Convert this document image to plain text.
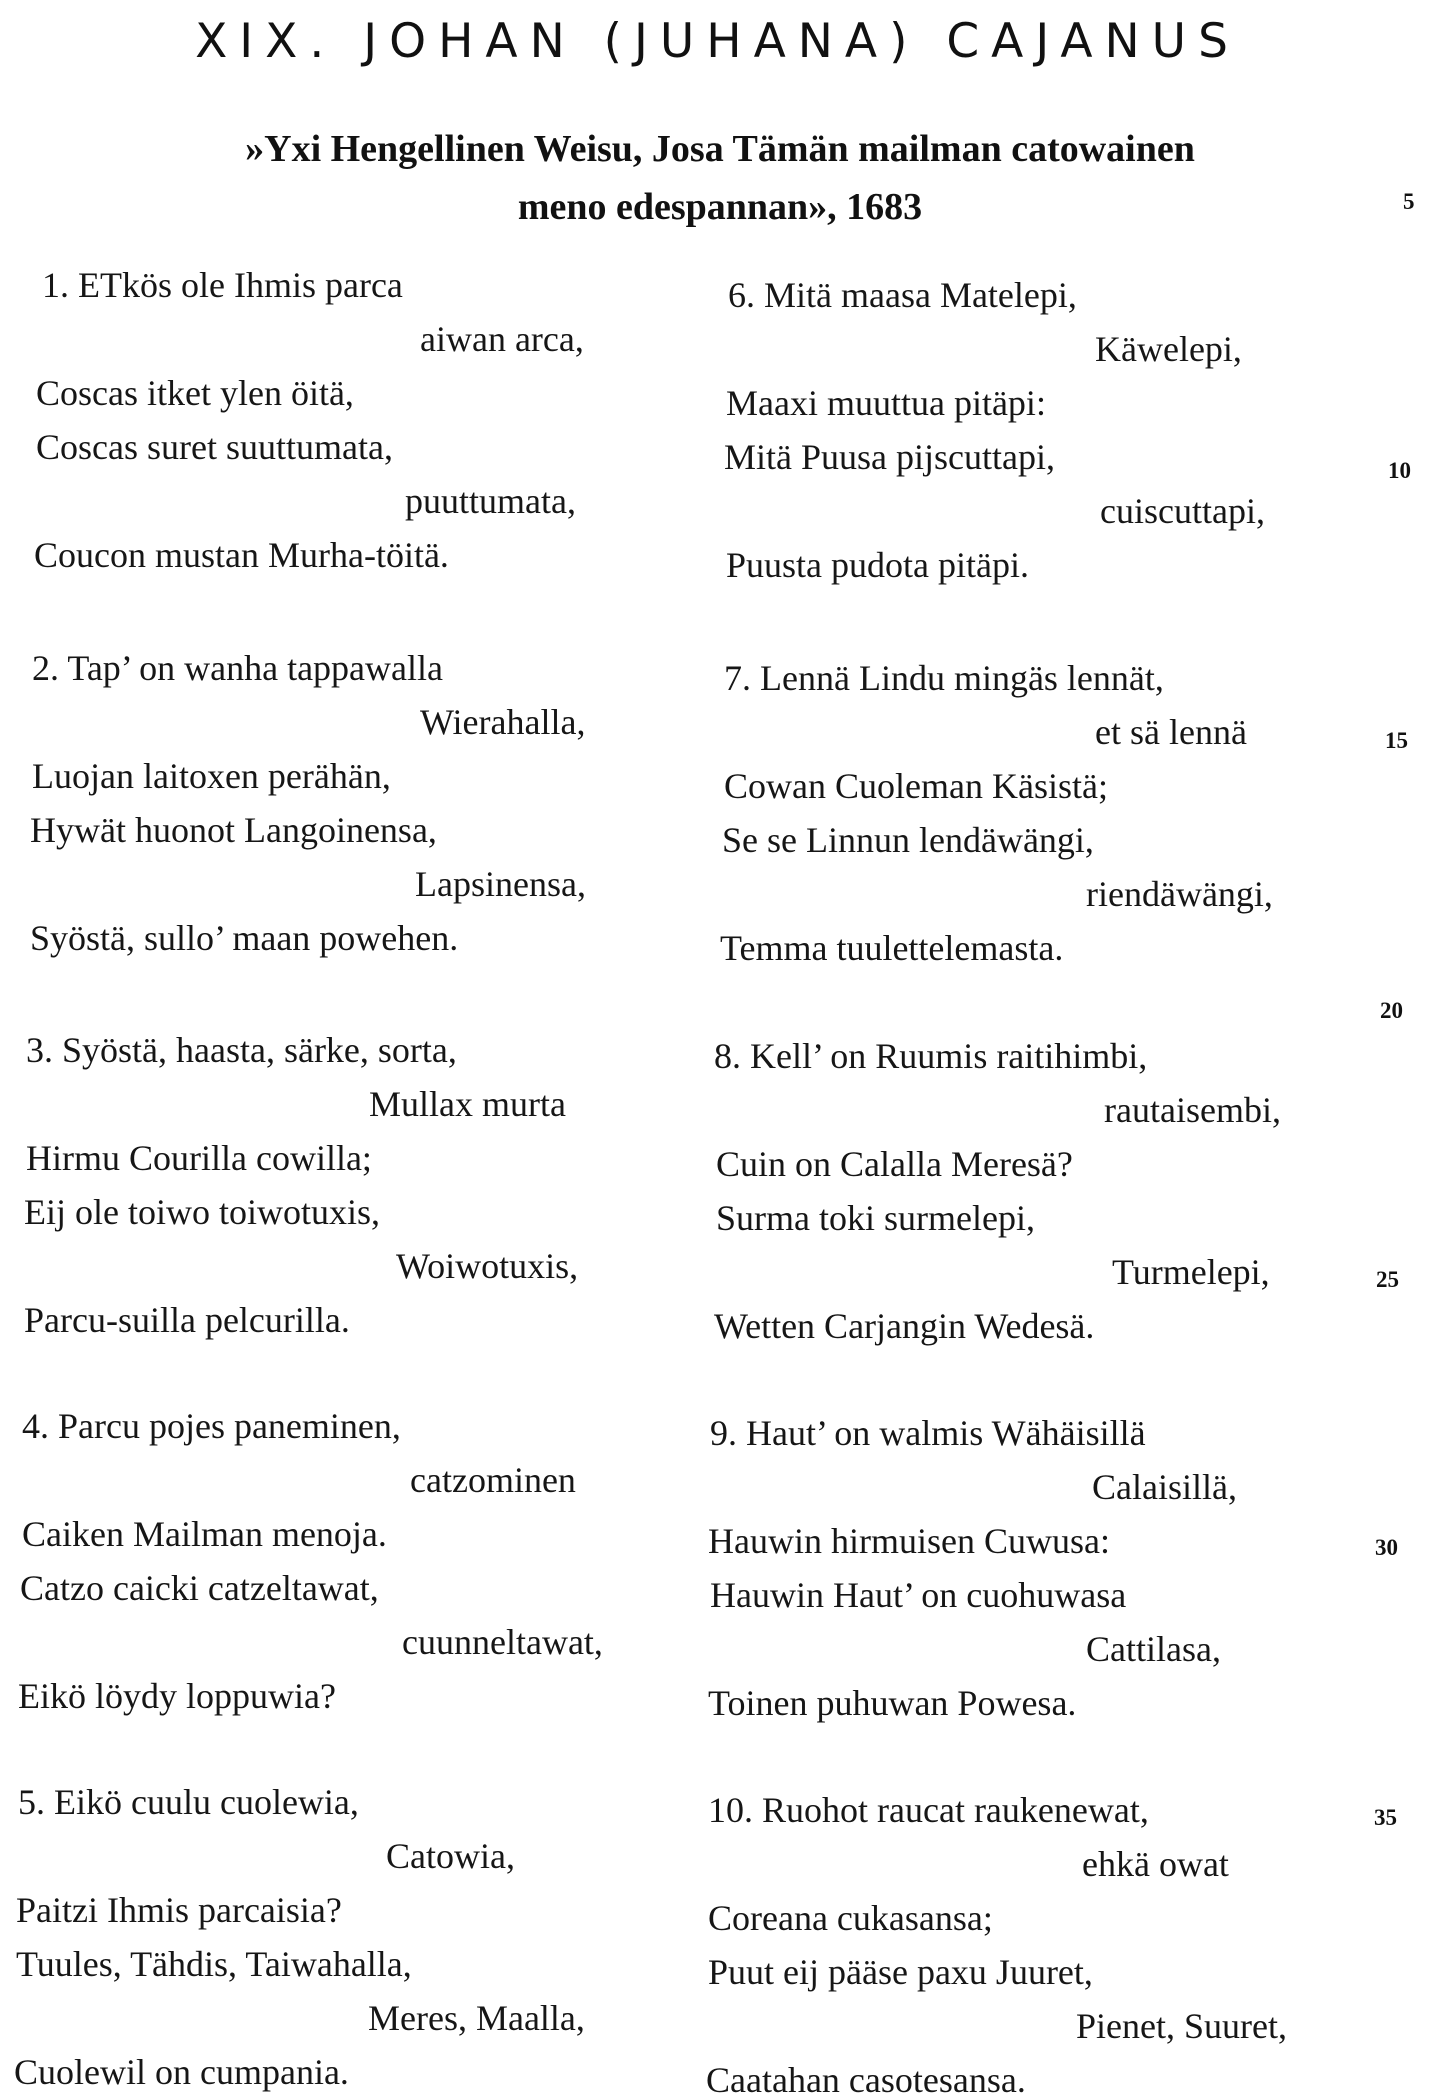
XIX. JOHAN (JUHANA) CAJANUS
»Yxi Hengellinen Weisu, Josa Tämän mailman catowainen
meno edespannan», 1683	5
10
15
20
25
30
35
1. ETkös ole Ihmis parca
aiwan arca,
Coscas itket ylen öitä,
Coscas suret suuttumata,
puuttumata,
Coucon mustan Murha-töitä.
2. Tap’ on wanha tappawalla
Wierahalla,
Luojan laitoxen perähän,
Hywät huonot Langoinensa,
Lapsinensa,
Syöstä, sullo’ maan powehen.
3. Syöstä, haasta, särke, sorta,
Mullax murta
Hirmu Courilla cowilla;
Eij ole toiwo toiwotuxis,
Woiwotuxis,
Parcu-suilla pelcurilla.
4. Parcu pojes paneminen,
catzominen
Caiken Mailman menoja.
Catzo caicki catzeltawat,
cuunneltawat,
Eikö löydy loppuwia?
5. Eikö cuulu cuolewia,
Catowia,
Paitzi Ihmis parcaisia?
Tuules, Tähdis, Taiwahalla,
Meres, Maalla,
Cuolewil on cumpania.
6. Mitä maasa Matelepi,
Käwelepi,
Maaxi muuttua pitäpi:
Mitä Puusa pijscuttapi,
cuiscuttapi,
Puusta pudota pitäpi.
7. Lennä Lindu mingäs lennät,
et sä lennä
Cowan Cuoleman Käsistä;
Se se Linnun lendäwängi,
riendäwängi,
Temma tuulettelemasta.
8. Kell’ on Ruumis raitihimbi,
rautaisembi,
Cuin on Calalla Meresä?
Surma toki surmelepi,
Turmelepi,
Wetten Carjangin Wedesä.
9. Haut’ on walmis Wähäisillä
Calaisillä,
Hauwin hirmuisen Cuwusa:
Hauwin Haut’ on cuohuwasa
Cattilasa,
Toinen puhuwan Powesa.
10. Ruohot raucat raukenewat,
ehkä owat
Coreana cukasansa;
Puut eij pääse paxu Juuret,
Pienet, Suuret,
Caatahan casotesansa.
